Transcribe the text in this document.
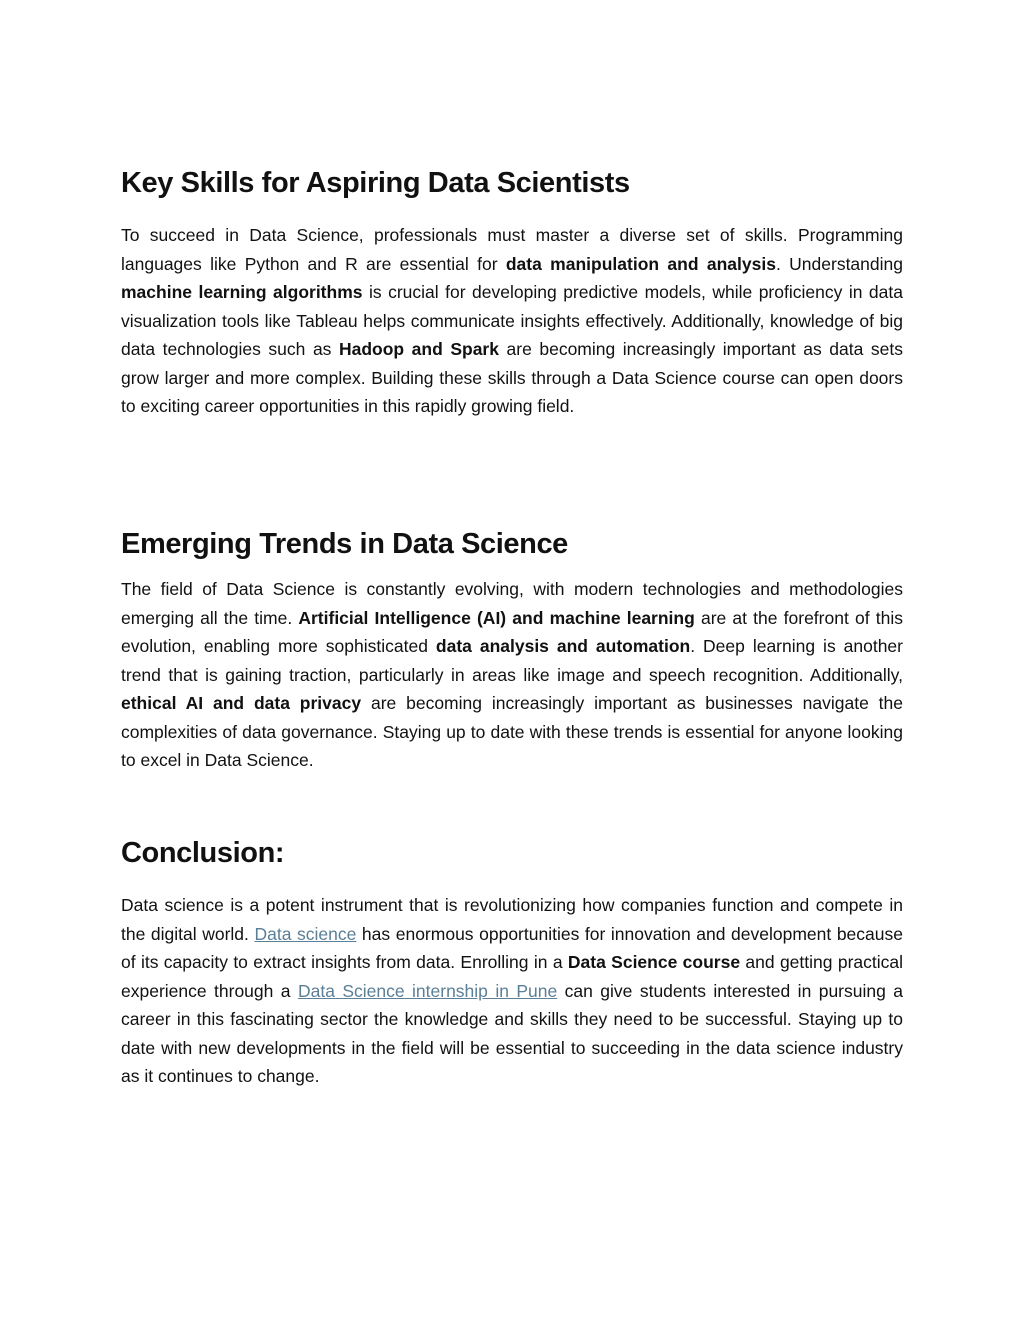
Key Skills for Aspiring Data Scientists

To succeed in Data Science, professionals must master a diverse set of skills. Programming languages like Python and R are essential for data manipulation and analysis. Understanding machine learning algorithms is crucial for developing predictive models, while proficiency in data visualization tools like Tableau helps communicate insights effectively. Additionally, knowledge of big data technologies such as Hadoop and Spark are becoming increasingly important as data sets grow larger and more complex. Building these skills through a Data Science course can open doors to exciting career opportunities in this rapidly growing field.

Emerging Trends in Data Science

The field of Data Science is constantly evolving, with modern technologies and methodologies emerging all the time. Artificial Intelligence (AI) and machine learning are at the forefront of this evolution, enabling more sophisticated data analysis and automation. Deep learning is another trend that is gaining traction, particularly in areas like image and speech recognition. Additionally, ethical AI and data privacy are becoming increasingly important as businesses navigate the complexities of data governance. Staying up to date with these trends is essential for anyone looking to excel in Data Science.

Conclusion:

Data science is a potent instrument that is revolutionizing how companies function and compete in the digital world. Data science has enormous opportunities for innovation and development because of its capacity to extract insights from data. Enrolling in a Data Science course and getting practical experience through a Data Science internship in Pune can give students interested in pursuing a career in this fascinating sector the knowledge and skills they need to be successful. Staying up to date with new developments in the field will be essential to succeeding in the data science industry as it continues to change.
